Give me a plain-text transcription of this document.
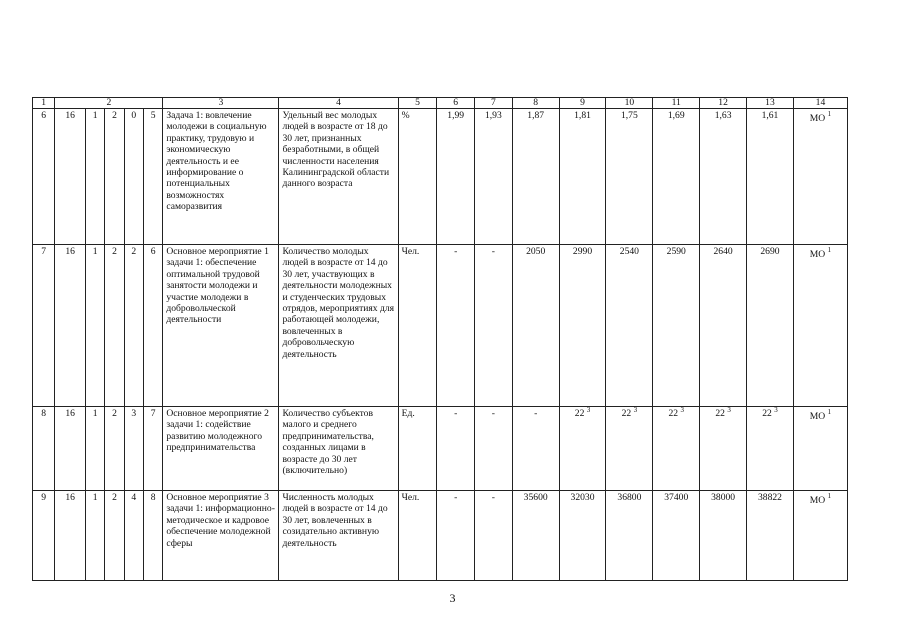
1	2					3	4	5	6	7	8	9	10	11	12	13	14
6	16	1	2	0	5	Задача 1: вовлечение молодежи в социальную практику, трудовую и экономическую деятельность и ее информирование о потенциальных возможностях саморазвития	Удельный вес молодых людей в возрасте от 18 до 30 лет, признанных безработными, в общей численности населения Калининградской области данного возраста	%	1,99	1,93	1,87	1,81	1,75	1,69	1,63	1,61	МО $^1$
7	16	1	2	2	6	Основное мероприятие 1 задачи 1: обеспечение оптимальной трудовой занятости молодежи и участие молодежи в добровольческой деятельности	Количество молодых людей в возрасте от 14 до 30 лет, участвующих в деятельности молодежных и студенческих трудовых отрядов, мероприятиях для работающей молодежи, вовлеченных в добровольческую деятельность	Чел.	-	-	2050	2990	2540	2590	2640	2690	МО $^1$
8	16	1	2	3	7	Основное мероприятие 2 задачи 1: содействие развитию молодежного предпринимательства	Количество субъектов малого и среднего предпринимательства, созданных лицами в возрасте до 30 лет (включительно)	Ед.	-	-	-	22 $^3$	22 $^3$	22 $^3$	22 $^3$	22 $^3$	МО $^1$
9	16	1	2	4	8	Основное мероприятие 3 задачи 1: информационно-методическое и кадровое обеспечение молодежной сферы	Численность молодых людей в возрасте от 14 до 30 лет, вовлеченных в созидательно активную деятельность	Чел.	-	-	35600	32030	36800	37400	38000	38822	МО $^1$
3
